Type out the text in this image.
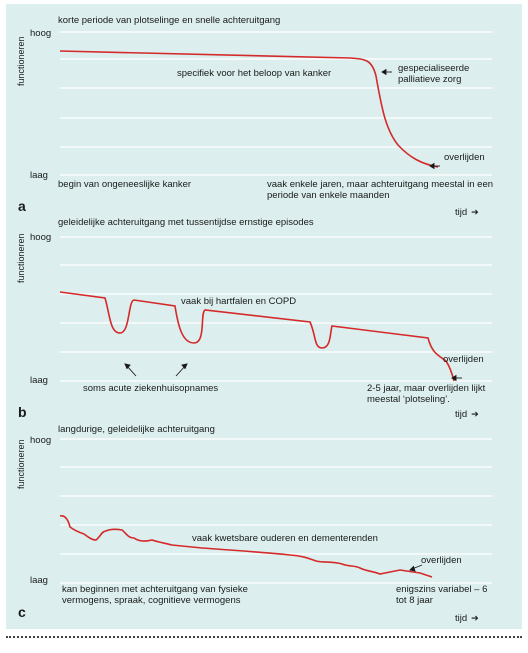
korte periode van plotselinge en snelle achteruitgang
functioneren
hoog
laag
specifiek voor het beloop van kanker	gespecialiseerde palliatieve zorg
overlijden
begin van ongeneeslijke kanker	vaak enkele jaren, maar achteruitgang meestal in een periode van enkele maanden
a	tijd ➔
geleidelijke achteruitgang met tussentijdse ernstige episodes
functioneren hoog
laag
vaak bij hartfalen en COPD
soms acute ziekenhuisopnames
overlijden
2-5 jaar, maar overlijden lijkt meestal ‘plotseling’.
b	tijd ➔
langdurige, geleidelijke achteruitgang
functioneren hoog
laag
vaak kwetsbare ouderen en dementerenden
overlijden
kan beginnen met achteruitgang van fysieke vermogens, spraak, cognitieve vermogens
enigszins variabel – 6 tot 8 jaar
c	tijd ➔
